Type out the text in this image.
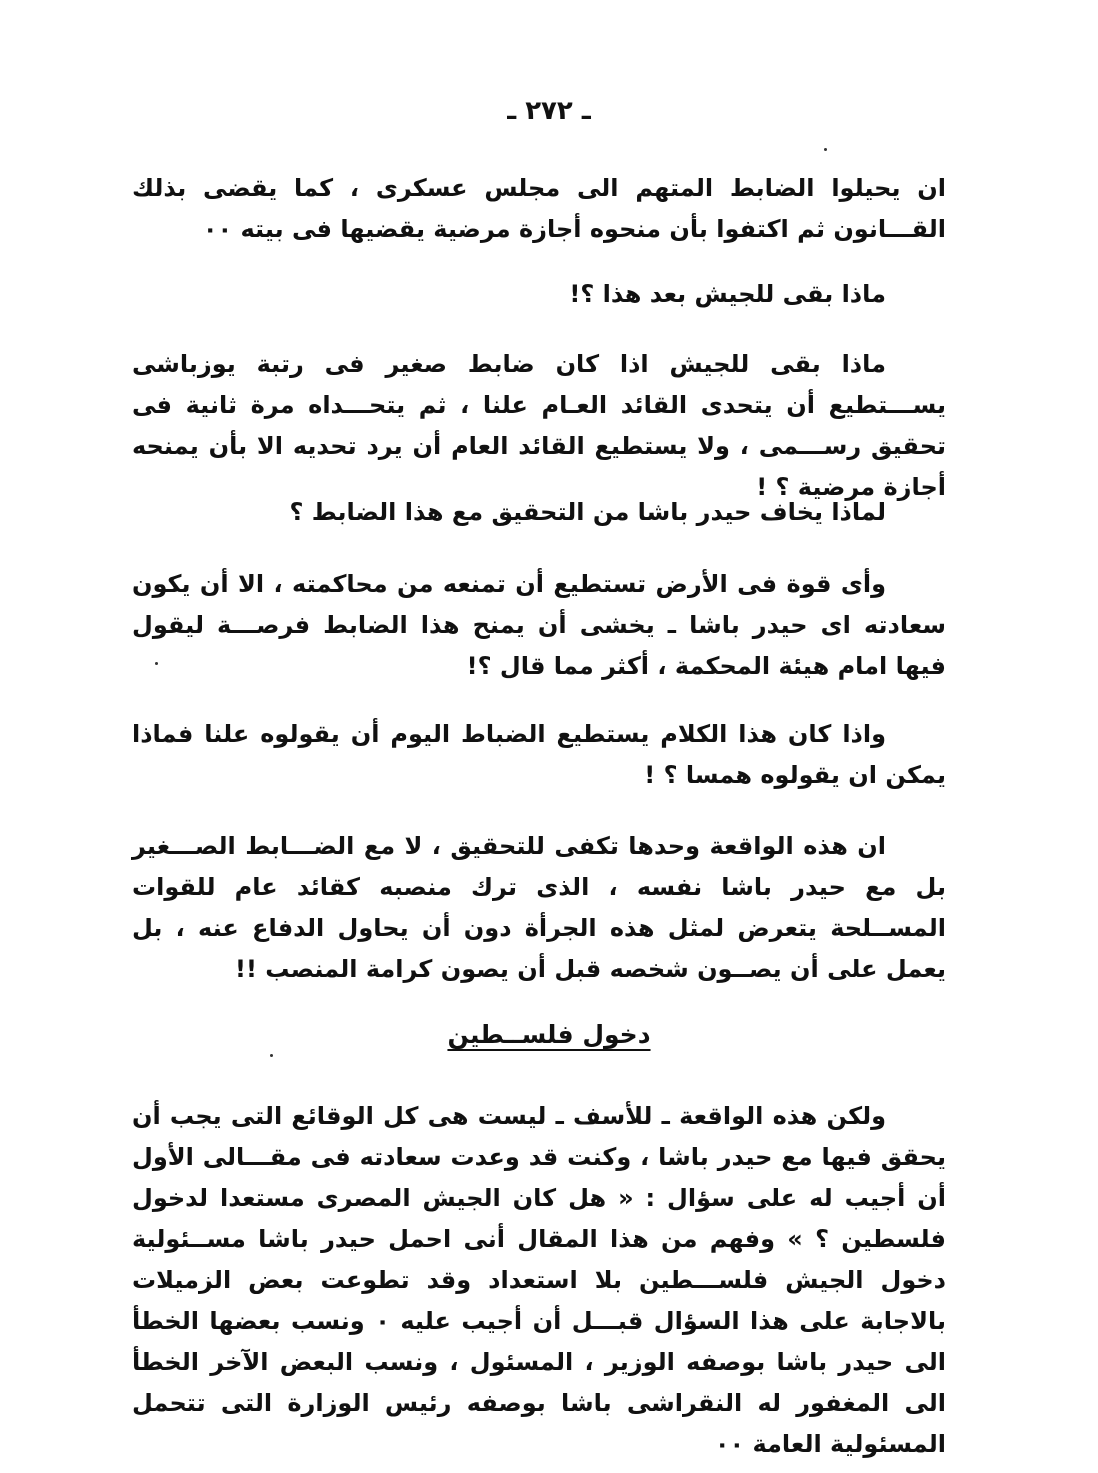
ـ ٢٧٢ ـ

ان يحيلوا الضابط المتهم الى مجلس عسكرى ، كما يقضى بذلك القـــانون ثم اكتفوا بأن منحوه أجازة مرضية يقضيها فى بيته ٠٠

ماذا بقى للجيش بعد هذا ؟!

ماذا بقى للجيش اذا كان ضابط صغير فى رتبة يوزباشى يســـتطيع أن يتحدى القائد العـام علنا ، ثم يتحـــداه مرة ثانية فى تحقيق رســـمى ، ولا يستطيع القائد العام أن يرد تحديه الا بأن يمنحه أجازة مرضية ؟ !

لماذا يخاف حيدر باشا من التحقيق مع هذا الضابط ؟

وأى قوة فى الأرض تستطيع أن تمنعه من محاكمته ، الا أن يكون سعادته اى حيدر باشا ـ يخشى أن يمنح هذا الضابط فرصـــة ليقول فيها امام هيئة المحكمة ، أكثر مما قال ؟!

واذا كان هذا الكلام يستطيع الضباط اليوم أن يقولوه علنا فماذا يمكن ان يقولوه همسا ؟ !

ان هذه الواقعة وحدها تكفى للتحقيق ، لا مع الضـــابط الصـــغير بل مع حيدر باشا نفسه ، الذى ترك منصبه كقائد عام للقوات المســلحة يتعرض لمثل هذه الجرأة دون أن يحاول الدفاع عنه ، بل يعمل على أن يصــون شخصه قبل أن يصون كرامة المنصب !!

دخول فلســطين

ولكن هذه الواقعة ـ للأسف ـ ليست هى كل الوقائع التى يجب أن يحقق فيها مع حيدر باشا ، وكنت قد وعدت سعادته فى مقـــالى الأول أن أجيب له على سؤال : « هل كان الجيش المصرى مستعدا لدخول فلسطين ؟ » وفهم من هذا المقال أنى احمل حيدر باشا مســئولية دخول الجيش فلســـطين بلا استعداد وقد تطوعت بعض الزميلات بالاجابة على هذا السؤال قبـــل أن أجيب عليه ٠ ونسب بعضها الخطأ الى حيدر باشا بوصفه الوزير ، المسئول ، ونسب البعض الآخر الخطأ الى المغفور له النقراشى باشا بوصفه رئيس الوزارة التى تتحمل المسئولية العامة ٠٠
